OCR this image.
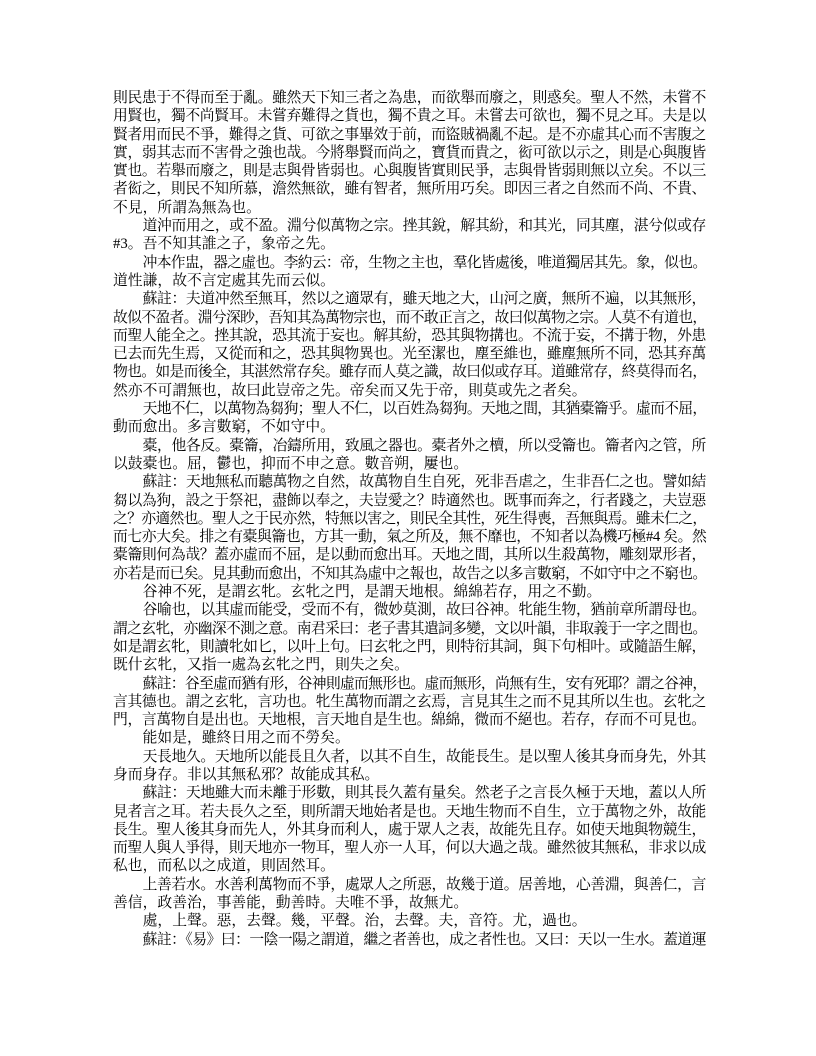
則民患于不得而至于亂。雖然天下知三者之為患，而欲舉而廢之，則惑矣。聖人不然，未嘗不
用賢也，獨不尚賢耳。未嘗弃難得之貨也，獨不貴之耳。未嘗去可欲也，獨不見之耳。夫是以
賢者用而民不爭，難得之貨、可欲之事畢效于前，而盜賊禍亂不起。是不亦虛其心而不害腹之
實，弱其志而不害骨之強也哉。今將舉賢而尚之，寶貨而貴之，衒可欲以示之，則是心與腹皆
實也。若舉而廢之，則是志與骨皆弱也。心與腹皆實則民爭，志與骨皆弱則無以立矣。不以三
者衒之，則民不知所慕，澹然無欲，雖有智者，無所用巧矣。即因三者之自然而不尚、不貴、
不見，所謂為無為也。
道沖而用之，或不盈。淵兮似萬物之宗。挫其銳，解其紛，和其光，同其塵，湛兮似或存
#3。吾不知其誰之子，象帝之先。
冲本作盅，器之虛也。李約云：帝，生物之主也，羣化皆處後，唯道獨居其先。象，似也。
道性謙，故不言定處其先而云似。
蘇註：夫道冲然至無耳，然以之適眾有，雖天地之大，山河之廣，無所不遍，以其無形，
故似不盈者。淵兮深眇，吾知其為萬物宗也，而不敢正言之，故曰似萬物之宗。人莫不有道也，
而聖人能全之。挫其說，恐其流于妄也。解其紛，恐其與物搆也。不流于妄，不搆于物，外患
已去而先生焉，又從而和之，恐其與物異也。光至潔也，塵至維也，雖塵無所不同，恐其弃萬
物也。如是而後全，其湛然常存矣。雖存而人莫之識，故曰似或存耳。道雖常存，終莫得而名，
然亦不可謂無也，故曰此豈帝之先。帝矣而又先于帝，則莫或先之者矣。
天地不仁，以萬物為芻狗；聖人不仁，以百姓為芻狗。天地之間，其猶橐籥乎。虛而不屈，
動而愈出。多言數窮，不如守中。
橐，他各反。橐籥，冶鑄所用，致風之器也。橐者外之櫝，所以受籥也。籥者內之管，所
以鼓橐也。屈，鬱也，抑而不申之意。數音朔，屢也。
蘇註：天地無私而聽萬物之自然，故萬物自生自死，死非吾虐之，生非吾仁之也。譬如結
芻以為狗，設之于祭祀，盡飾以奉之，夫豈愛之？時適然也。既事而奔之，行者踐之，夫豈惡
之？亦適然也。聖人之于民亦然，特無以害之，則民全其性，死生得喪，吾無與焉。雖未仁之，
而七亦大矣。排之有橐與籥也，方其一動，氣之所及，無不靡也，不知者以為機巧極#4 矣。然
橐籥則何為哉？蓋亦虛而不屈，是以動而愈出耳。天地之間，其所以生殺萬物，雕刻眾形者，
亦若是而已矣。見其動而愈出，不知其為虛中之報也，故告之以多言數窮，不如守中之不窮也。
谷神不死，是謂玄牝。玄牝之門，是謂天地根。綿綿若存，用之不勤。
谷喻也，以其虛而能受，受而不有，微妙莫測，故曰谷神。牝能生物，猶前章所謂母也。
謂之玄牝，亦幽深不測之意。南君采曰：老子書其遣詞多變，文以叶韻，非取義于一字之間也。
如是謂玄牝，則讀牝如匕，以叶上句。曰玄牝之門，則特衍其詞，與下句相叶。或隨語生解，
既什玄牝，又指一處為玄牝之門，則失之矣。
蘇註：谷至虛而猶有形，谷神則虛而無形也。虛而無形，尚無有生，安有死耶？謂之谷神，
言其德也。謂之玄牝，言功也。牝生萬物而謂之玄焉，言見其生之而不見其所以生也。玄牝之
門，言萬物自是出也。天地根，言天地自是生也。綿綿，微而不絕也。若存，存而不可見也。
能如是，雖終日用之而不勞矣。
天長地久。天地所以能長且久者，以其不自生，故能長生。是以聖人後其身而身先，外其
身而身存。非以其無私邪？故能成其私。
蘇註：天地雖大而未離于形數，則其長久蓋有量矣。然老子之言長久極于天地，蓋以人所
見者言之耳。若夫長久之至，則所謂天地始者是也。天地生物而不自生，立于萬物之外，故能
長生。聖人後其身而先人，外其身而利人，處于眾人之表，故能先且存。如使天地與物競生，
而聖人與人爭得，則天地亦一物耳，聖人亦一人耳，何以大過之哉。雖然彼其無私，非求以成
私也，而私以之成道，則固然耳。
上善若水。水善利萬物而不爭，處眾人之所惡，故幾于道。居善地，心善淵，與善仁，言
善信，政善治，事善能，動善時。夫唯不爭，故無尤。
處，上聲。惡，去聲。幾，平聲。治，去聲。夫，音符。尤，過也。
蘇註：《易》曰：一陰一陽之謂道，繼之者善也，成之者性也。又曰：天以一生水。蓋道運
